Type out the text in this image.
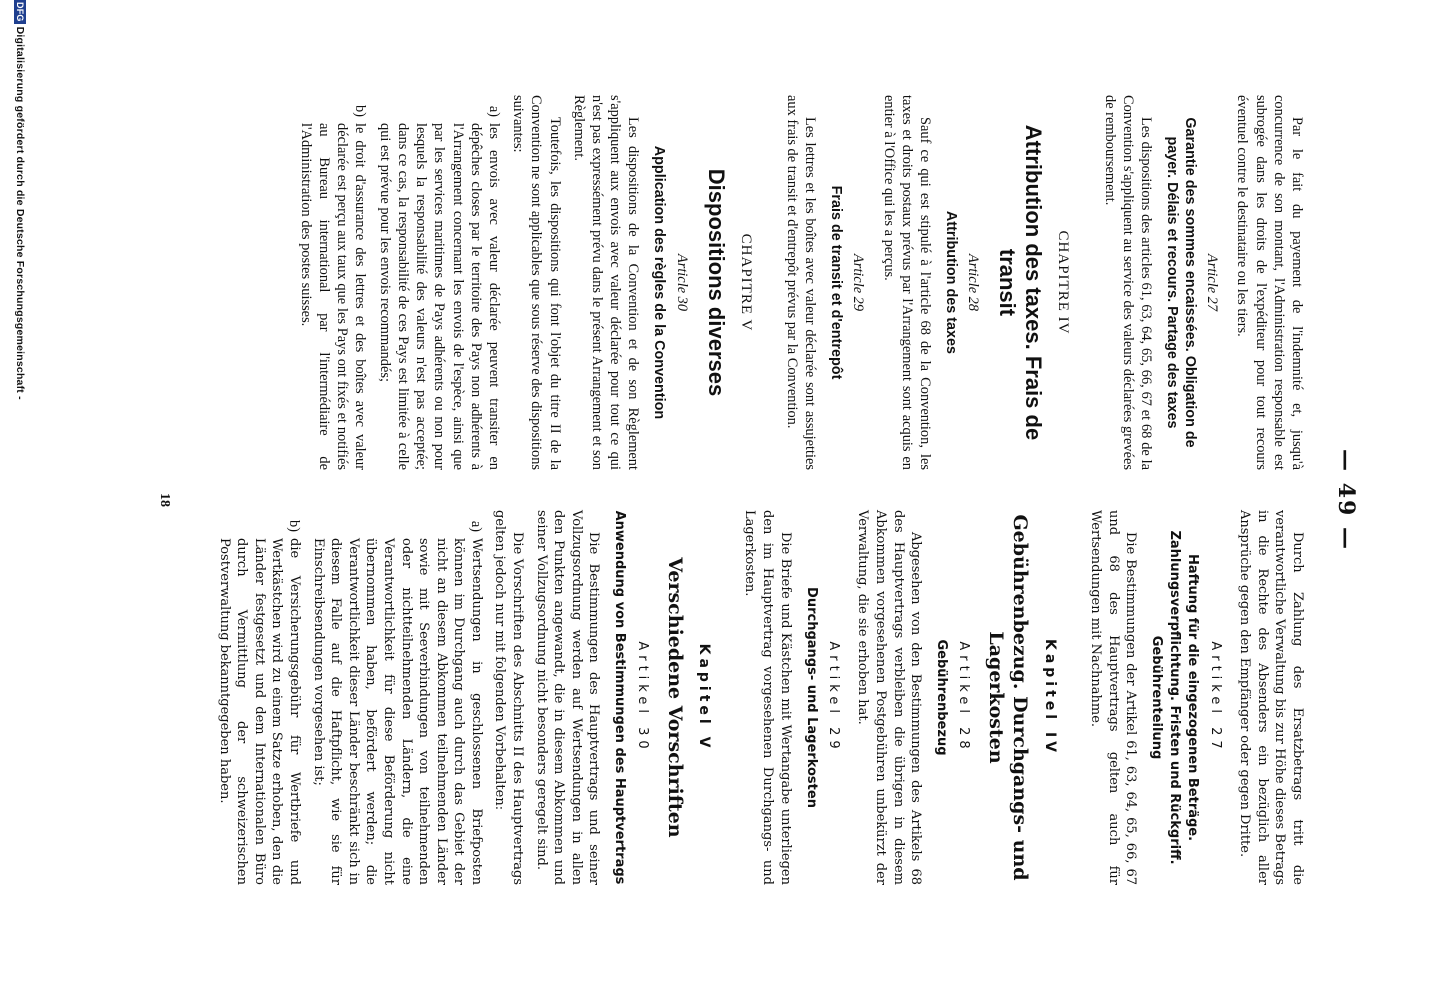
— 49 —

Par le fait du payement de l'indemnité et, jusqu'à concurrence de son montant, l'Administration responsable est subrogée dans les droits de l'expéditeur pour tout recours éventuel contre le destinataire ou les tiers.

Article 27
Garantie des sommes encaissées. Obligation de payer. Délais et recours. Partage des taxes

Les dispositions des articles 61, 63, 64, 65, 66, 67 et 68 de la Convention s'appliquent au service des valeurs déclarées grevées de remboursement.

CHAPITRE IV
Attribution des taxes. Frais de transit
Article 28
Attribution des taxes

Sauf ce qui est stipulé à l'article 68 de la Convention, les taxes et droits postaux prévus par l'Arrangement sont acquis en entier à l'Office qui les a perçus.

Article 29
Frais de transit et d'entrepôt

Les lettres et les boîtes avec valeur déclarée sont assujetties aux frais de transit et d'entrepôt prévus par la Convention.

CHAPITRE V
Dispositions diverses
Article 30
Application des règles de la Convention

Les dispositions de la Convention et de son Règlement s'appliquent aux envois avec valeur déclarée pour tout ce qui n'est pas expressément prévu dans le présent Arrangement et son Règlement.

Toutefois, les dispositions qui font l'objet du titre II de la Convention ne sont applicables que sous réserve des dispositions suivantes:

a)
les envois avec valeur déclarée peuvent transiter en dépêches closes par le territoire des Pays non adhérents à l'Arrangement concernant les envois de l'espèce, ainsi que par les services maritimes de Pays adhérents ou non pour lesquels la responsabilité des valeurs n'est pas acceptée; dans ce cas, la responsabilité de ces Pays est limitée à celle qui est prévue pour les envois recommandés;
b)
le droit d'assurance des lettres et des boîtes avec valeur déclarée est perçu aux taux que les Pays ont fixés et notifiés au Bureau international par l'intermédiaire de l'Administration des postes suisses.

Durch Zahlung des Ersatzbetrags tritt die verantwortliche Verwaltung bis zur Höhe dieses Betrags in die Rechte des Absenders ein bezüglich aller Ansprüche gegen den Empfänger oder gegen Dritte.

Artikel 27
Haftung für die eingezogenen Beträge. Zahlungsverpflichtung. Fristen und Rückgriff. Gebührenteilung

Die Bestimmungen der Artikel 61, 63, 64, 65, 66, 67 und 68 des Hauptvertrags gelten auch für Wertsendungen mit Nachnahme.

Kapitel IV
Gebührenbezug. Durchgangs- und Lagerkosten
Artikel 28
Gebührenbezug

Abgesehen von den Bestimmungen des Artikels 68 des Hauptvertrags verbleiben die übrigen in diesem Abkommen vorgesehenen Postgebühren unbekürzt der Verwaltung, die sie erhoben hat.

Artikel 29
Durchgangs- und Lagerkosten

Die Briefe und Kästchen mit Wertangabe unterliegen den im Hauptvertrag vorgesehenen Durchgangs- und Lagerkosten.

Kapitel V
Verschiedene Vorschriften
Artikel 30
Anwendung von Bestimmungen des Hauptvertrags

Die Bestimmungen des Hauptvertrags und seiner Vollzugsordnung werden auf Wertsendungen in allen den Punkten angewandt, die in diesem Abkommen und seiner Vollzugsordnung nicht besonders geregelt sind.

Die Vorschriften des Abschnitts II des Hauptvertrags gelten jedoch nur mit folgenden Vorbehalten:

a)
Wertsendungen in geschlossenen Briefposten können im Durchgang auch durch das Gebiet der nicht an diesem Abkommen teilnehmenden Länder sowie mit Seeverbindungen von teilnehmenden oder nichtteilnehmenden Ländern, die eine Verantwortlichkeit für diese Beförderung nicht übernommen haben, befördert werden; die Verantwortlichkeit dieser Länder beschränkt sich in diesem Falle auf die Haftpflicht, wie sie für Einschreibsendungen vorgesehen ist;
b)
die Versicherungsgebühr für Wertbriefe und Wertkästchen wird zu einem Satze erhoben, den die Länder festgesetzt und dem Internationalen Büro durch Vermittlung der schweizerischen Postverwaltung bekanntgegeben haben.
18
DFGDigitalisierung gefördert durch die Deutsche Forschungsgemeinschaft -
